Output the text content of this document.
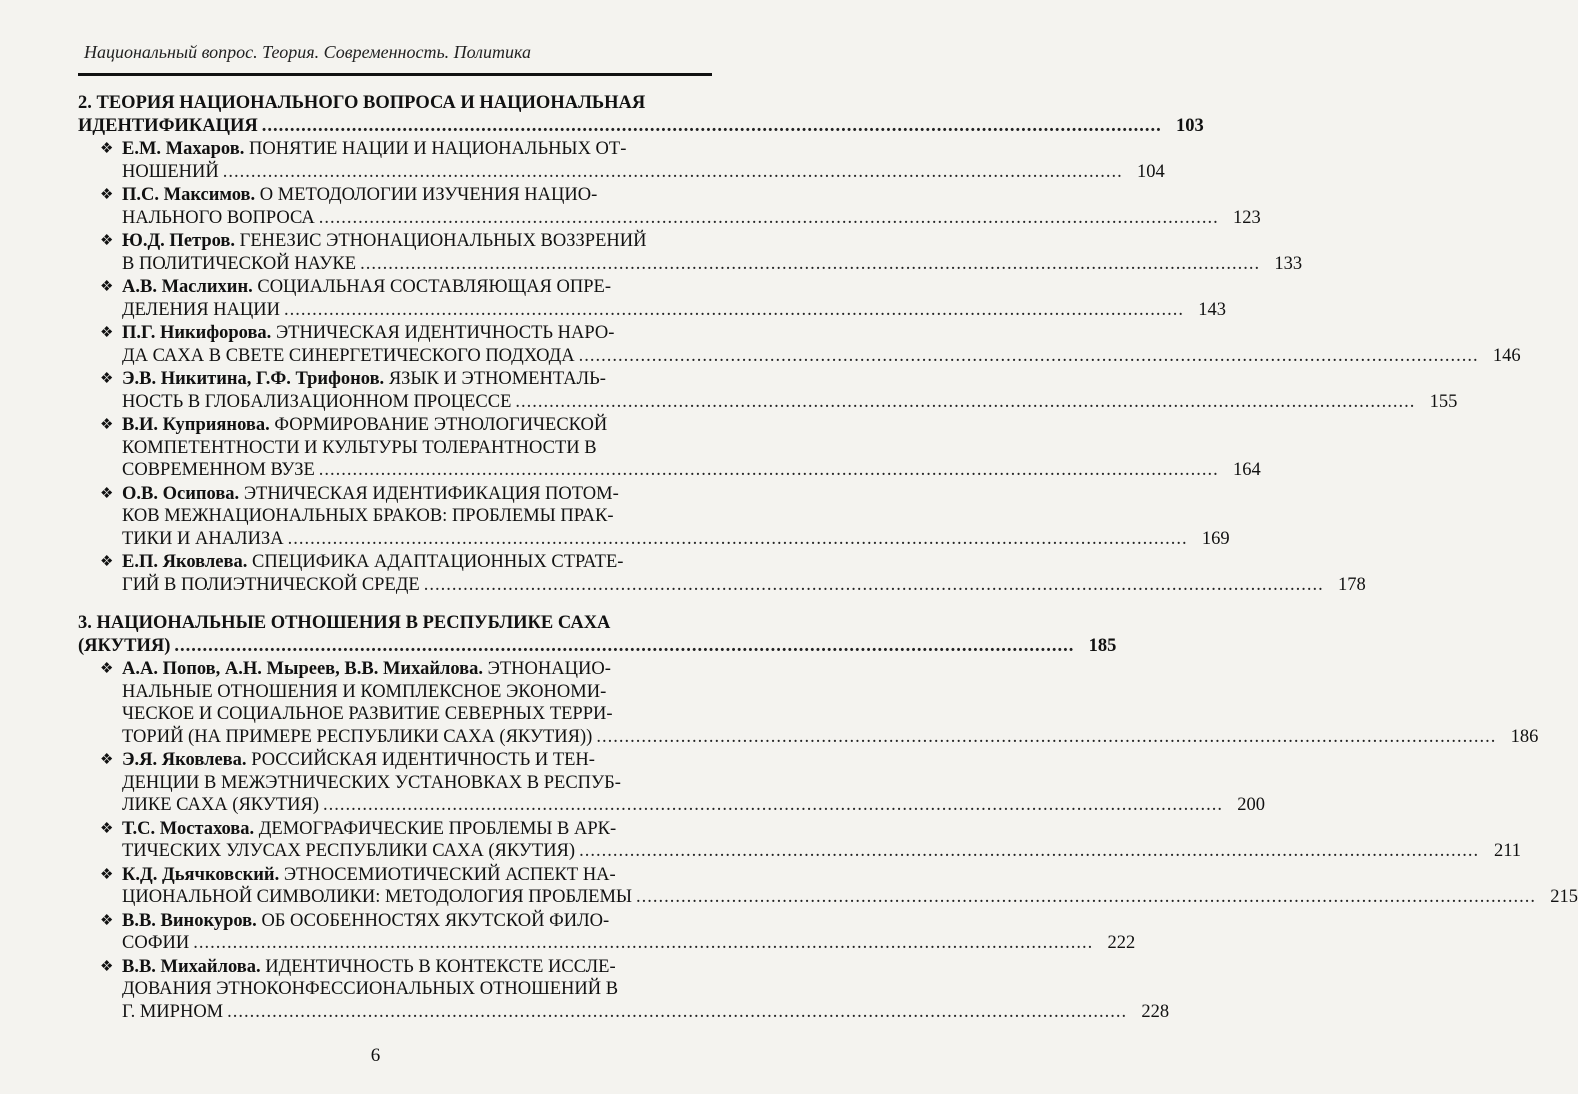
Национальный вопрос. Теория. Современность. Политика
2. ТЕОРИЯ НАЦИОНАЛЬНОГО ВОПРОСА И НАЦИОНАЛЬНАЯ
ИДЕНТИФИКАЦИЯ .....	103
❖ Е.М. Махаров. ПОНЯТИЕ НАЦИИ И НАЦИОНАЛЬНЫХ ОТ-
НОШЕНИЙ .....	104
❖ П.С. Максимов. О МЕТОДОЛОГИИ ИЗУЧЕНИЯ НАЦИО-
НАЛЬНОГО ВОПРОСА .....	123
❖ Ю.Д. Петров. ГЕНЕЗИС ЭТНОНАЦИОНАЛЬНЫХ ВОЗЗРЕНИЙ
В ПОЛИТИЧЕСКОЙ НАУКЕ .....	133
❖ А.В. Маслихин. СОЦИАЛЬНАЯ СОСТАВЛЯЮЩАЯ ОПРЕ-
ДЕЛЕНИЯ НАЦИИ .....	143
❖ П.Г. Никифорова. ЭТНИЧЕСКАЯ ИДЕНТИЧНОСТЬ НАРО-
ДА САХА В СВЕТЕ СИНЕРГЕТИЧЕСКОГО ПОДХОДА .....	146
❖ Э.В. Никитина, Г.Ф. Трифонов. ЯЗЫК И ЭТНОМЕНТАЛЬ-
НОСТЬ В ГЛОБАЛИЗАЦИОННОМ ПРОЦЕССЕ .....	155
❖ В.И. Куприянова. ФОРМИРОВАНИЕ ЭТНОЛОГИЧЕСКОЙ
КОМПЕТЕНТНОСТИ И КУЛЬТУРЫ ТОЛЕРАНТНОСТИ В
СОВРЕМЕННОМ ВУЗЕ .....	164
❖ О.В. Осипова. ЭТНИЧЕСКАЯ ИДЕНТИФИКАЦИЯ ПОТОМ-
КОВ МЕЖНАЦИОНАЛЬНЫХ БРАКОВ: ПРОБЛЕМЫ ПРАК-
ТИКИ И АНАЛИЗА .....	169
❖ Е.П. Яковлева. СПЕЦИФИКА АДАПТАЦИОННЫХ СТРАТЕ-
ГИЙ В ПОЛИЭТНИЧЕСКОЙ СРЕДЕ .....	178
3. НАЦИОНАЛЬНЫЕ ОТНОШЕНИЯ В РЕСПУБЛИКЕ САХА
(ЯКУТИЯ) .....	185
❖ А.А. Попов, А.Н. Мыреев, В.В. Михайлова. ЭТНОНАЦИО-
НАЛЬНЫЕ ОТНОШЕНИЯ И КОМПЛЕКСНОЕ ЭКОНОМИ-
ЧЕСКОЕ И СОЦИАЛЬНОЕ РАЗВИТИЕ СЕВЕРНЫХ ТЕРРИ-
ТОРИЙ (НА ПРИМЕРЕ РЕСПУБЛИКИ САХА (ЯКУТИЯ)) .....	186
❖ Э.Я. Яковлева. РОССИЙСКАЯ ИДЕНТИЧНОСТЬ И ТЕН-
ДЕНЦИИ В МЕЖЭТНИЧЕСКИХ УСТАНОВКАХ В РЕСПУБ-
ЛИКЕ САХА (ЯКУТИЯ) .....	200
❖ Т.С. Мостахова. ДЕМОГРАФИЧЕСКИЕ ПРОБЛЕМЫ В АРК-
ТИЧЕСКИХ УЛУСАХ РЕСПУБЛИКИ САХА (ЯКУТИЯ) .....	211
❖ К.Д. Дьячковский. ЭТНОСЕМИОТИЧЕСКИЙ АСПЕКТ НА-
ЦИОНАЛЬНОЙ СИМВОЛИКИ: МЕТОДОЛОГИЯ ПРОБЛЕМЫ .....	215
❖ В.В. Винокуров. ОБ ОСОБЕННОСТЯХ ЯКУТСКОЙ ФИЛО-
СОФИИ .....	222
❖ В.В. Михайлова. ИДЕНТИЧНОСТЬ В КОНТЕКСТЕ ИССЛЕ-
ДОВАНИЯ ЭТНОКОНФЕССИОНАЛЬНЫХ ОТНОШЕНИЙ В
Г. МИРНОМ .....	228
6
